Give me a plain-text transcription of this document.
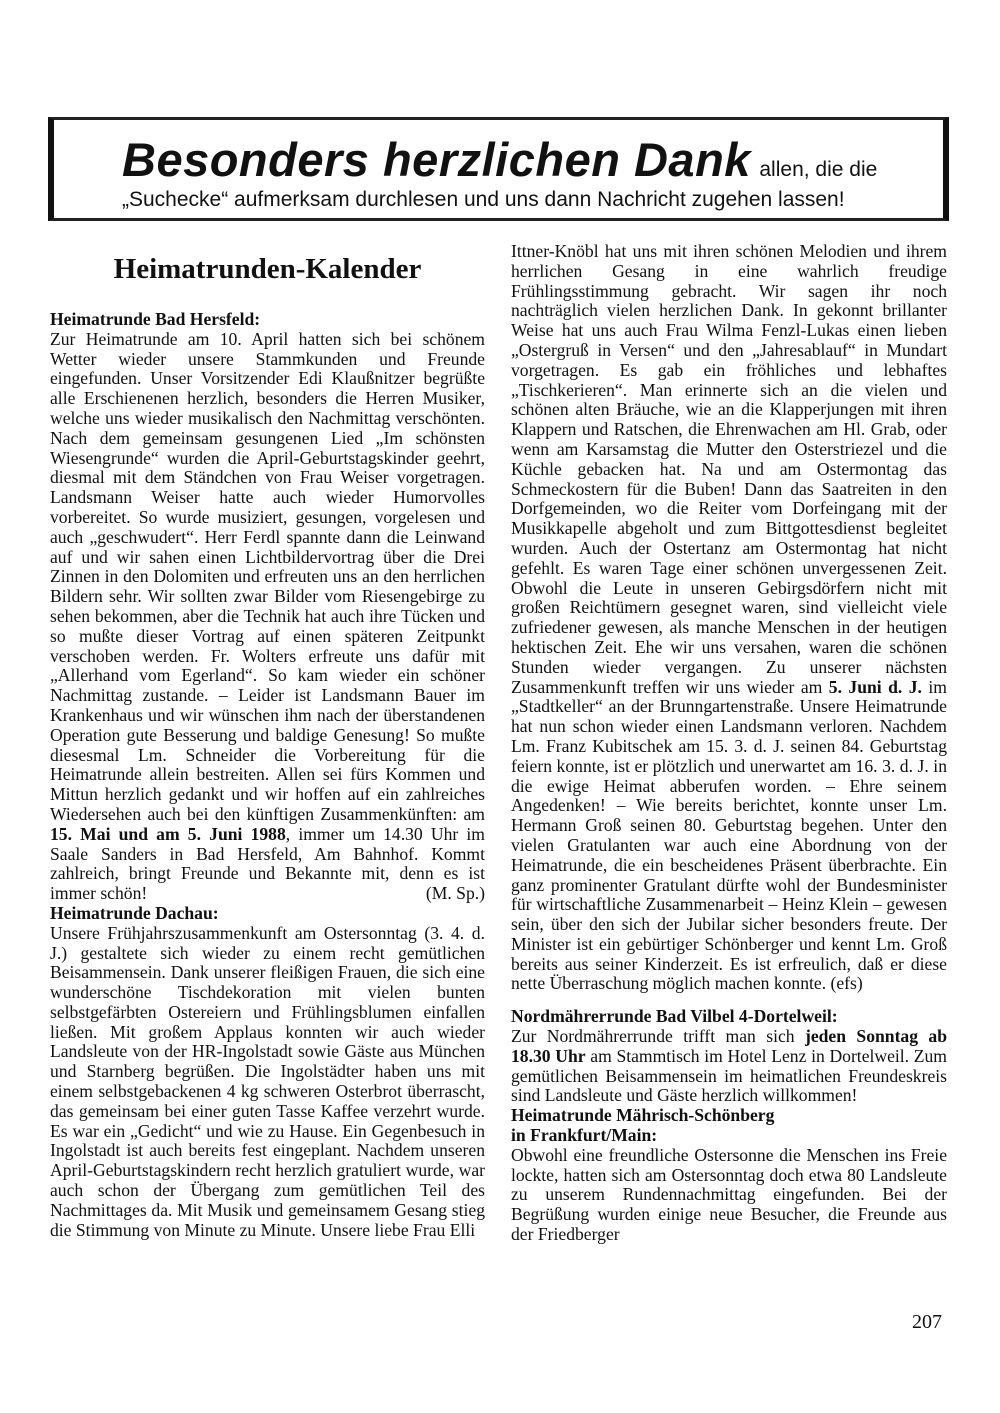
Besonders herzlichen Dank allen, die die
„Suchecke“ aufmerksam durchlesen und uns dann Nachricht zugehen lassen!
Heimatrunden-Kalender

Heimatrunde Bad Hersfeld:

Zur Heimatrunde am 10. April hatten sich bei schönem Wetter wieder unsere Stammkunden und Freunde eingefunden. Unser Vorsitzender Edi Klaußnitzer begrüßte alle Erschienenen herzlich, besonders die Herren Musiker, welche uns wieder musikalisch den Nachmittag verschönten. Nach dem gemeinsam gesungenen Lied „Im schönsten Wiesengrunde“ wurden die April-Geburtstagskinder geehrt, diesmal mit dem Ständchen von Frau Weiser vorgetragen. Landsmann Weiser hatte auch wieder Humorvolles vorbereitet. So wurde musiziert, gesungen, vorgelesen und auch „geschwudert“. Herr Ferdl spannte dann die Leinwand auf und wir sahen einen Lichtbildervortrag über die Drei Zinnen in den Dolomiten und erfreuten uns an den herrlichen Bildern sehr. Wir sollten zwar Bilder vom Riesengebirge zu sehen bekommen, aber die Technik hat auch ihre Tücken und so mußte dieser Vortrag auf einen späteren Zeitpunkt verschoben werden. Fr. Wolters erfreute uns dafür mit „Allerhand vom Egerland“. So kam wieder ein schöner Nachmittag zustande. – Leider ist Landsmann Bauer im Krankenhaus und wir wünschen ihm nach der überstandenen Operation gute Besserung und baldige Genesung! So mußte diesesmal Lm. Schneider die Vorbereitung für die Heimatrunde allein bestreiten. Allen sei fürs Kommen und Mittun herzlich gedankt und wir hoffen auf ein zahlreiches Wiedersehen auch bei den künftigen Zusammenkünften: am 15. Mai und am 5. Juni 1988, immer um 14.30 Uhr im Saale Sanders in Bad Hersfeld, Am Bahnhof. Kommt zahlreich, bringt Freunde und Bekannte mit, denn es ist immer schön!	(M. Sp.)

Heimatrunde Dachau:

Unsere Frühjahrszusammenkunft am Ostersonntag (3. 4. d. J.) gestaltete sich wieder zu einem recht gemütlichen Beisammensein. Dank unserer fleißigen Frauen, die sich eine wunderschöne Tischdekoration mit vielen bunten selbstgefärbten Ostereiern und Frühlingsblumen einfallen ließen. Mit großem Applaus konnten wir auch wieder Landsleute von der HR-Ingolstadt sowie Gäste aus München und Starnberg begrüßen. Die Ingolstädter haben uns mit einem selbstgebackenen 4 kg schweren Osterbrot überrascht, das gemeinsam bei einer guten Tasse Kaffee verzehrt wurde. Es war ein „Gedicht“ und wie zu Hause. Ein Gegenbesuch in Ingolstadt ist auch bereits fest eingeplant. Nachdem unseren April-Geburtstagskindern recht herzlich gratuliert wurde, war auch schon der Übergang zum gemütlichen Teil des Nachmittages da. Mit Musik und gemeinsamem Gesang stieg die Stimmung von Minute zu Minute. Unsere liebe Frau Elli

Ittner-Knöbl hat uns mit ihren schönen Melodien und ihrem herrlichen Gesang in eine wahrlich freudige Frühlingsstimmung gebracht. Wir sagen ihr noch nachträglich vielen herzlichen Dank. In gekonnt brillanter Weise hat uns auch Frau Wilma Fenzl-Lukas einen lieben „Ostergruß in Versen“ und den „Jahresablauf“ in Mundart vorgetragen. Es gab ein fröhliches und lebhaftes „Tischkerieren“. Man erinnerte sich an die vielen und schönen alten Bräuche, wie an die Klapperjungen mit ihren Klappern und Ratschen, die Ehrenwachen am Hl. Grab, oder wenn am Karsamstag die Mutter den Osterstriezel und die Küchle gebacken hat. Na und am Ostermontag das Schmeckostern für die Buben! Dann das Saatreiten in den Dorfgemeinden, wo die Reiter vom Dorfeingang mit der Musikkapelle abgeholt und zum Bittgottesdienst begleitet wurden. Auch der Ostertanz am Ostermontag hat nicht gefehlt. Es waren Tage einer schönen unvergessenen Zeit. Obwohl die Leute in unseren Gebirgsdörfern nicht mit großen Reichtümern gesegnet waren, sind vielleicht viele zufriedener gewesen, als manche Menschen in der heutigen hektischen Zeit. Ehe wir uns versahen, waren die schönen Stunden wieder vergangen. Zu unserer nächsten Zusammenkunft treffen wir uns wieder am 5. Juni d. J. im „Stadtkeller“ an der Brunngartenstraße. Unsere Heimatrunde hat nun schon wieder einen Landsmann verloren. Nachdem Lm. Franz Kubitschek am 15. 3. d. J. seinen 84. Geburtstag feiern konnte, ist er plötzlich und unerwartet am 16. 3. d. J. in die ewige Heimat abberufen worden. – Ehre seinem Angedenken! – Wie bereits berichtet, konnte unser Lm. Hermann Groß seinen 80. Geburtstag begehen. Unter den vielen Gratulanten war auch eine Abordnung von der Heimatrunde, die ein bescheidenes Präsent überbrachte. Ein ganz prominenter Gratulant dürfte wohl der Bundesminister für wirtschaftliche Zusammenarbeit – Heinz Klein – gewesen sein, über den sich der Jubilar sicher besonders freute. Der Minister ist ein gebürtiger Schönberger und kennt Lm. Groß bereits aus seiner Kinderzeit. Es ist erfreulich, daß er diese nette Überraschung möglich machen konnte. (efs)

Nordmährerrunde Bad Vilbel 4-Dortelweil:

Zur Nordmährerrunde trifft man sich jeden Sonntag ab 18.30 Uhr am Stammtisch im Hotel Lenz in Dortelweil. Zum gemütlichen Beisammensein im heimatlichen Freundeskreis sind Landsleute und Gäste herzlich willkommen!

Heimatrunde Mährisch-Schönberg

in Frankfurt/Main:

Obwohl eine freundliche Ostersonne die Menschen ins Freie lockte, hatten sich am Ostersonntag doch etwa 80 Landsleute zu unserem Rundennachmittag eingefunden. Bei der Begrüßung wurden einige neue Besucher, die Freunde aus der Friedberger

207
